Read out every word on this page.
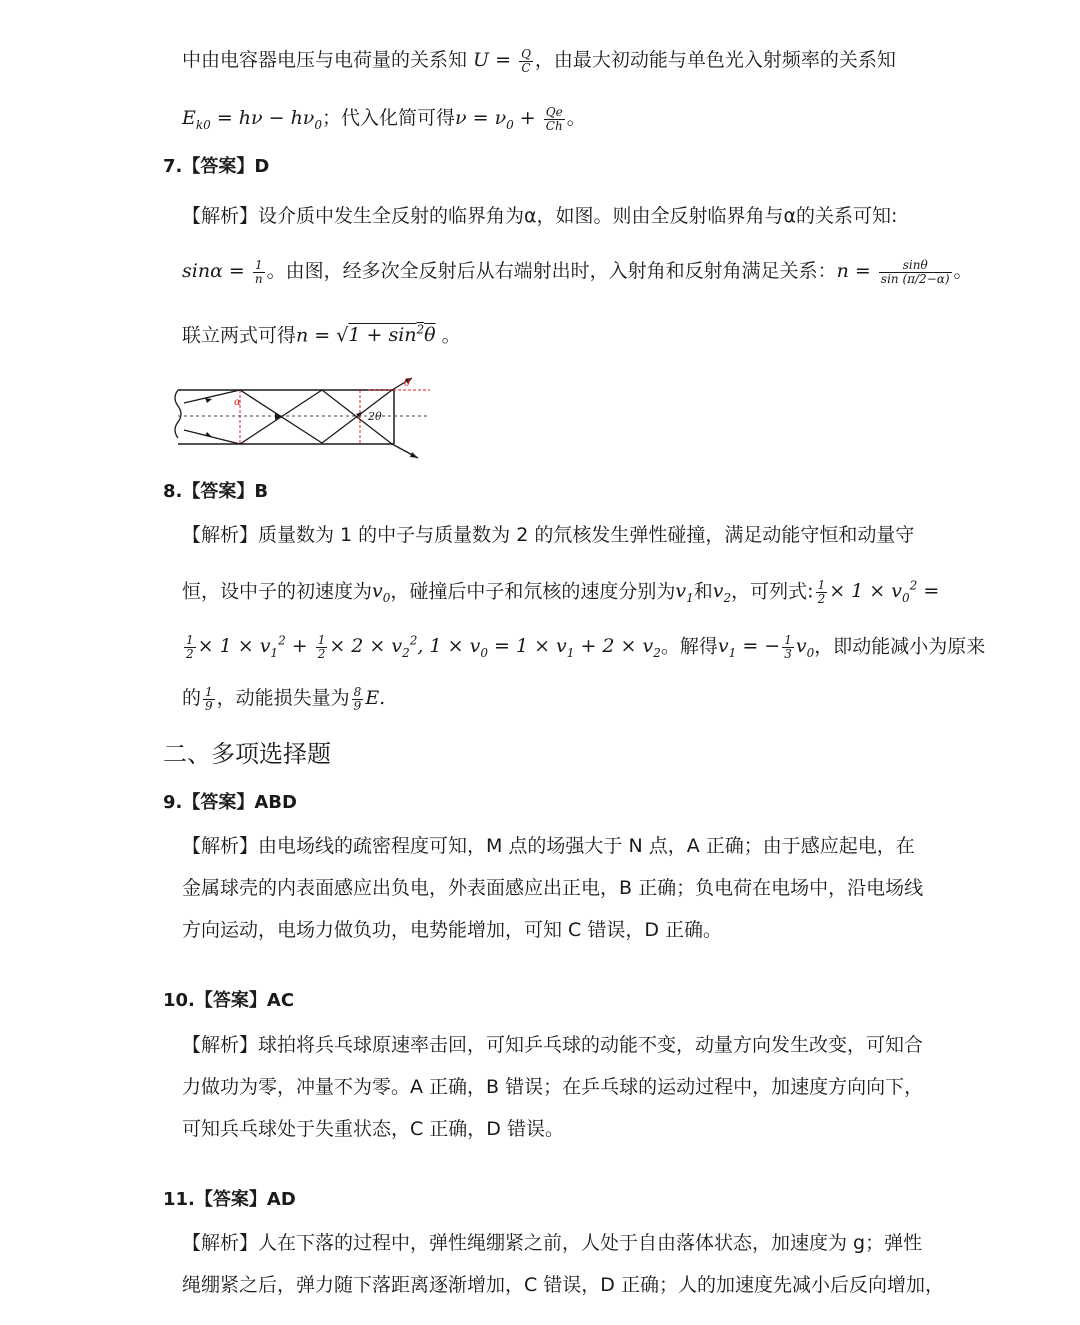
中由电容器电压与电荷量的关系知 $U = \frac{Q}{C}$ ，由最大初动能与单色光入射频率的关系知
$E_{k0} = h\nu - h\nu_0$；代入化简可得$\nu = \nu_0 + \frac{Qe}{Ch}$ 。
7.【答案】D
【解析】设介质中发生全反射的临界角为α，如图。则由全反射临界角与α的关系可知:
$\sin\alpha = \frac{1}{n}$ 。由图，经多次全反射后从右端射出时，入射角和反射角满足关系：$n = \frac{\sin\theta}{\sin (\pi/2-\alpha)}$ 。
联立两式可得$n = √1 + \sin^2\theta$ 。
α
θ
2θ
8.【答案】B
【解析】质量数为 1 的中子与质量数为 2 的氘核发生弹性碰撞，满足动能守恒和动量守
恒，设中子的初速度为$v_0$，碰撞后中子和氘核的速度分别为$v_1$和$v_2$，可列式: $\frac{1}{2} \times 1 \times v_0^2$ =
$\frac{1}{2} \times 1 \times v_1^2 + \frac{1}{2} \times 2 \times v_2^2$, $1 \times v_0 = 1 \times v_1 + 2 \times v_2$。解得$v_1$ = − $\frac{1}{3} v_0$，即动能减小为原来
的 $\frac{1}{9}$ ，动能损失量为 $\frac{8}{9} E$.
二、多项选择题
9.【答案】ABD
【解析】由电场线的疏密程度可知，M 点的场强大于 N 点，A 正确；由于感应起电，在
金属球壳的内表面感应出负电，外表面感应出正电，B 正确；负电荷在电场中，沿电场线
方向运动，电场力做负功，电势能增加，可知 C 错误，D 正确。
10.【答案】AC
【解析】球拍将兵乓球原速率击回，可知乒乓球的动能不变，动量方向发生改变，可知合
力做功为零，冲量不为零。A 正确，B 错误；在乒乓球的运动过程中，加速度方向向下，
可知兵乓球处于失重状态，C 正确，D 错误。
11.【答案】AD
【解析】人在下落的过程中，弹性绳绷紧之前，人处于自由落体状态，加速度为 g；弹性
绳绷紧之后，弹力随下落距离逐渐增加，C 错误，D 正确；人的加速度先减小后反向增加，
